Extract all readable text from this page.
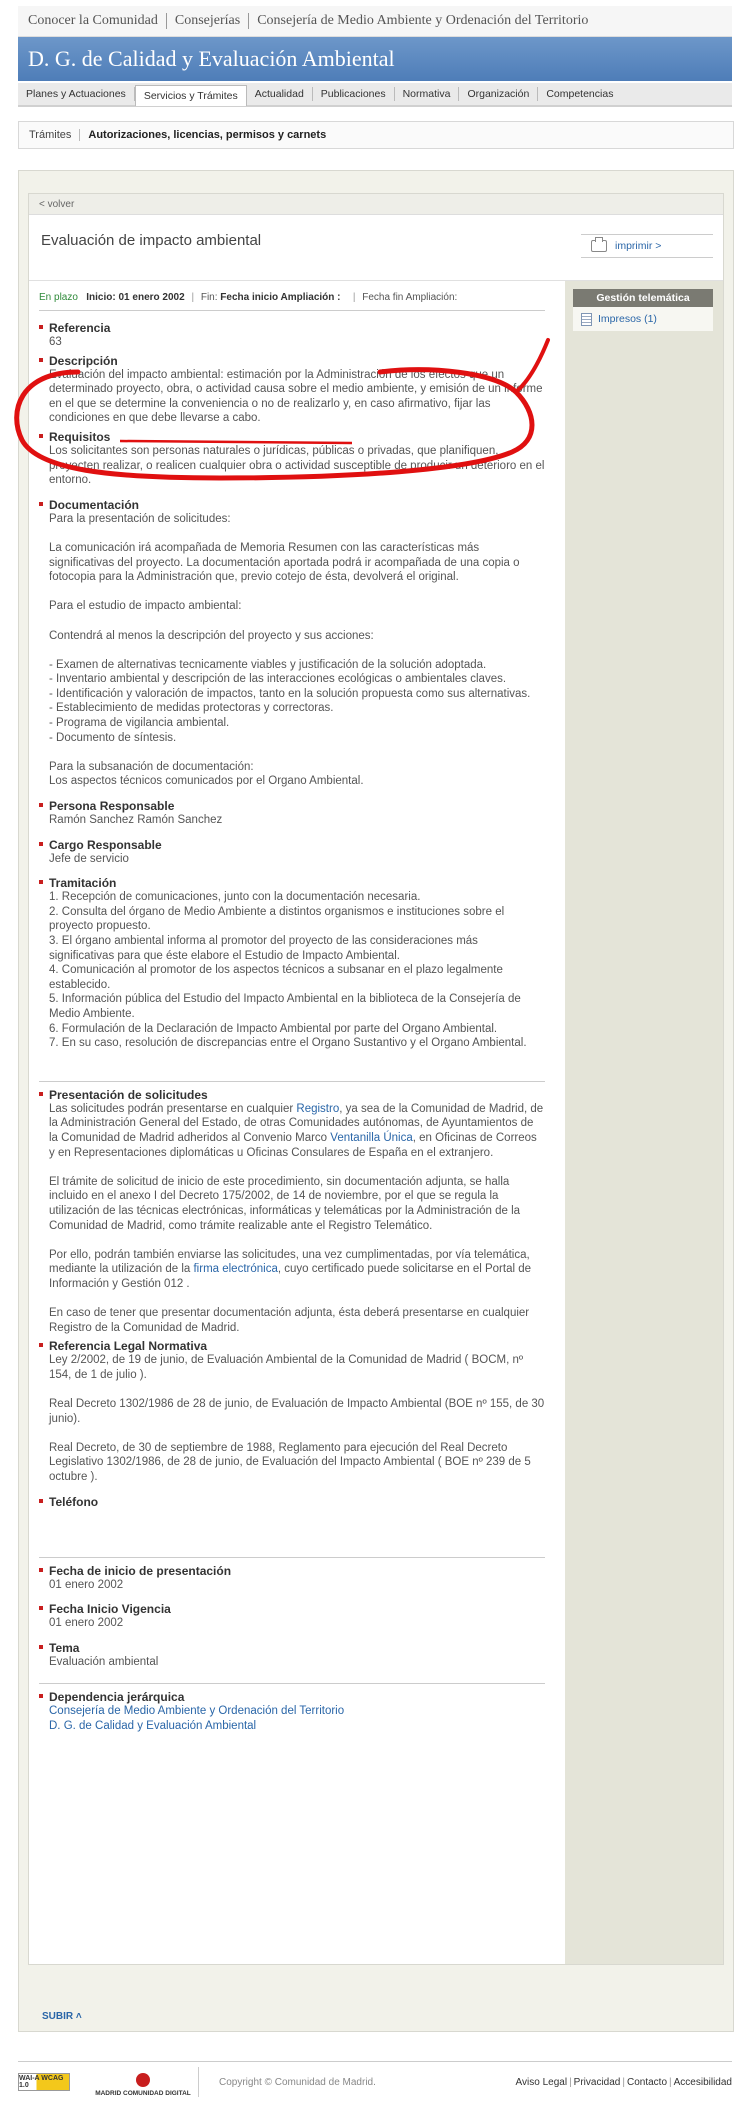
Conocer la Comunidad	Consejerías	Consejería de Medio Ambiente y Ordenación del Territorio
D. G. de Calidad y Evaluación Ambiental
Planes y Actuaciones	Servicios y Trámites	Actualidad	Publicaciones	Normativa	Organización	Competencias
Trámites	Autorizaciones, licencias, permisos y carnets
< volver
Evaluación de impacto ambiental	imprimir >
Gestión telemática
Impresos (1)
En plazo Inicio: 01 enero 2002 | Fin: Fecha inicio Ampliación :   | Fecha fin Ampliación:
Referencia
63
Descripción
Evaluación del impacto ambiental: estimación por la Administración de los efectos que un determinado proyecto, obra, o actividad causa sobre el medio ambiente, y emisión de un informe en el que se determine la conveniencia o no de realizarlo y, en caso afirmativo, fijar las condiciones en que debe llevarse a cabo.
Requisitos
Los solicitantes son personas naturales o jurídicas, públicas o privadas, que planifiquen, proyecten realizar, o realicen cualquier obra o actividad susceptible de producir un deterioro en el entorno.
Documentación
Para la presentación de solicitudes:

La comunicación irá acompañada de Memoria Resumen con las características más significativas del proyecto. La documentación aportada podrá ir acompañada de una copia o fotocopia para la Administración que, previo cotejo de ésta, devolverá el original.

Para el estudio de impacto ambiental:

Contendrá al menos la descripción del proyecto y sus acciones:

- Examen de alternativas tecnicamente viables y justificación de la solución adoptada.
- Inventario ambiental y descripción de las interacciones ecológicas o ambientales claves.
- Identificación y valoración de impactos, tanto en la solución propuesta como sus alternativas.
- Establecimiento de medidas protectoras y correctoras.
- Programa de vigilancia ambiental.
- Documento de síntesis.

Para la subsanación de documentación:
Los aspectos técnicos comunicados por el Organo Ambiental.
Persona Responsable
Ramón Sanchez Ramón Sanchez
Cargo Responsable
Jefe de servicio
Tramitación
1. Recepción de comunicaciones, junto con la documentación necesaria.
2. Consulta del órgano de Medio Ambiente a distintos organismos e instituciones sobre el proyecto propuesto.
3. El órgano ambiental informa al promotor del proyecto de las consideraciones más significativas para que éste elabore el Estudio de Impacto Ambiental.
4. Comunicación al promotor de los aspectos técnicos a subsanar en el plazo legalmente establecido.
5. Información pública del Estudio del Impacto Ambiental en la biblioteca de la Consejería de Medio Ambiente.
6. Formulación de la Declaración de Impacto Ambiental por parte del Organo Ambiental.
7. En su caso, resolución de discrepancias entre el Organo Sustantivo y el Organo Ambiental.
Presentación de solicitudes
Las solicitudes podrán presentarse en cualquier Registro, ya sea de la Comunidad de Madrid, de la Administración General del Estado, de otras Comunidades autónomas, de Ayuntamientos de la Comunidad de Madrid adheridos al Convenio Marco Ventanilla Única, en Oficinas de Correos y en Representaciones diplomáticas u Oficinas Consulares de España en el extranjero.

El trámite de solicitud de inicio de este procedimiento, sin documentación adjunta, se halla incluido en el anexo I del Decreto 175/2002, de 14 de noviembre, por el que se regula la utilización de las técnicas electrónicas, informáticas y telemáticas por la Administración de la Comunidad de Madrid, como trámite realizable ante el Registro Telemático.

Por ello, podrán también enviarse las solicitudes, una vez cumplimentadas, por vía telemática, mediante la utilización de la firma electrónica, cuyo certificado puede solicitarse en el Portal de Información y Gestión 012 .

En caso de tener que presentar documentación adjunta, ésta deberá presentarse en cualquier Registro de la Comunidad de Madrid.
Referencia Legal Normativa
Ley 2/2002, de 19 de junio, de Evaluación Ambiental de la Comunidad de Madrid ( BOCM, nº 154, de 1 de julio ).

Real Decreto 1302/1986 de 28 de junio, de Evaluación de Impacto Ambiental (BOE nº 155, de 30 junio).

Real Decreto, de 30 de septiembre de 1988, Reglamento para ejecución del Real Decreto Legislativo 1302/1986, de 28 de junio, de Evaluación del Impacto Ambiental ( BOE nº 239 de 5 octubre ).
Teléfono
Fecha de inicio de presentación
01 enero 2002
Fecha Inicio Vigencia
01 enero 2002
Tema
Evaluación ambiental
Dependencia jerárquica
Consejería de Medio Ambiente y Ordenación del Territorio
D. G. de Calidad y Evaluación Ambiental
SUBIR ˄
WAI-A WCAG 1.0
MADRID COMUNIDAD DIGITAL
Copyright © Comunidad de Madrid.	Aviso Legal | Privacidad | Contacto | Accesibilidad
